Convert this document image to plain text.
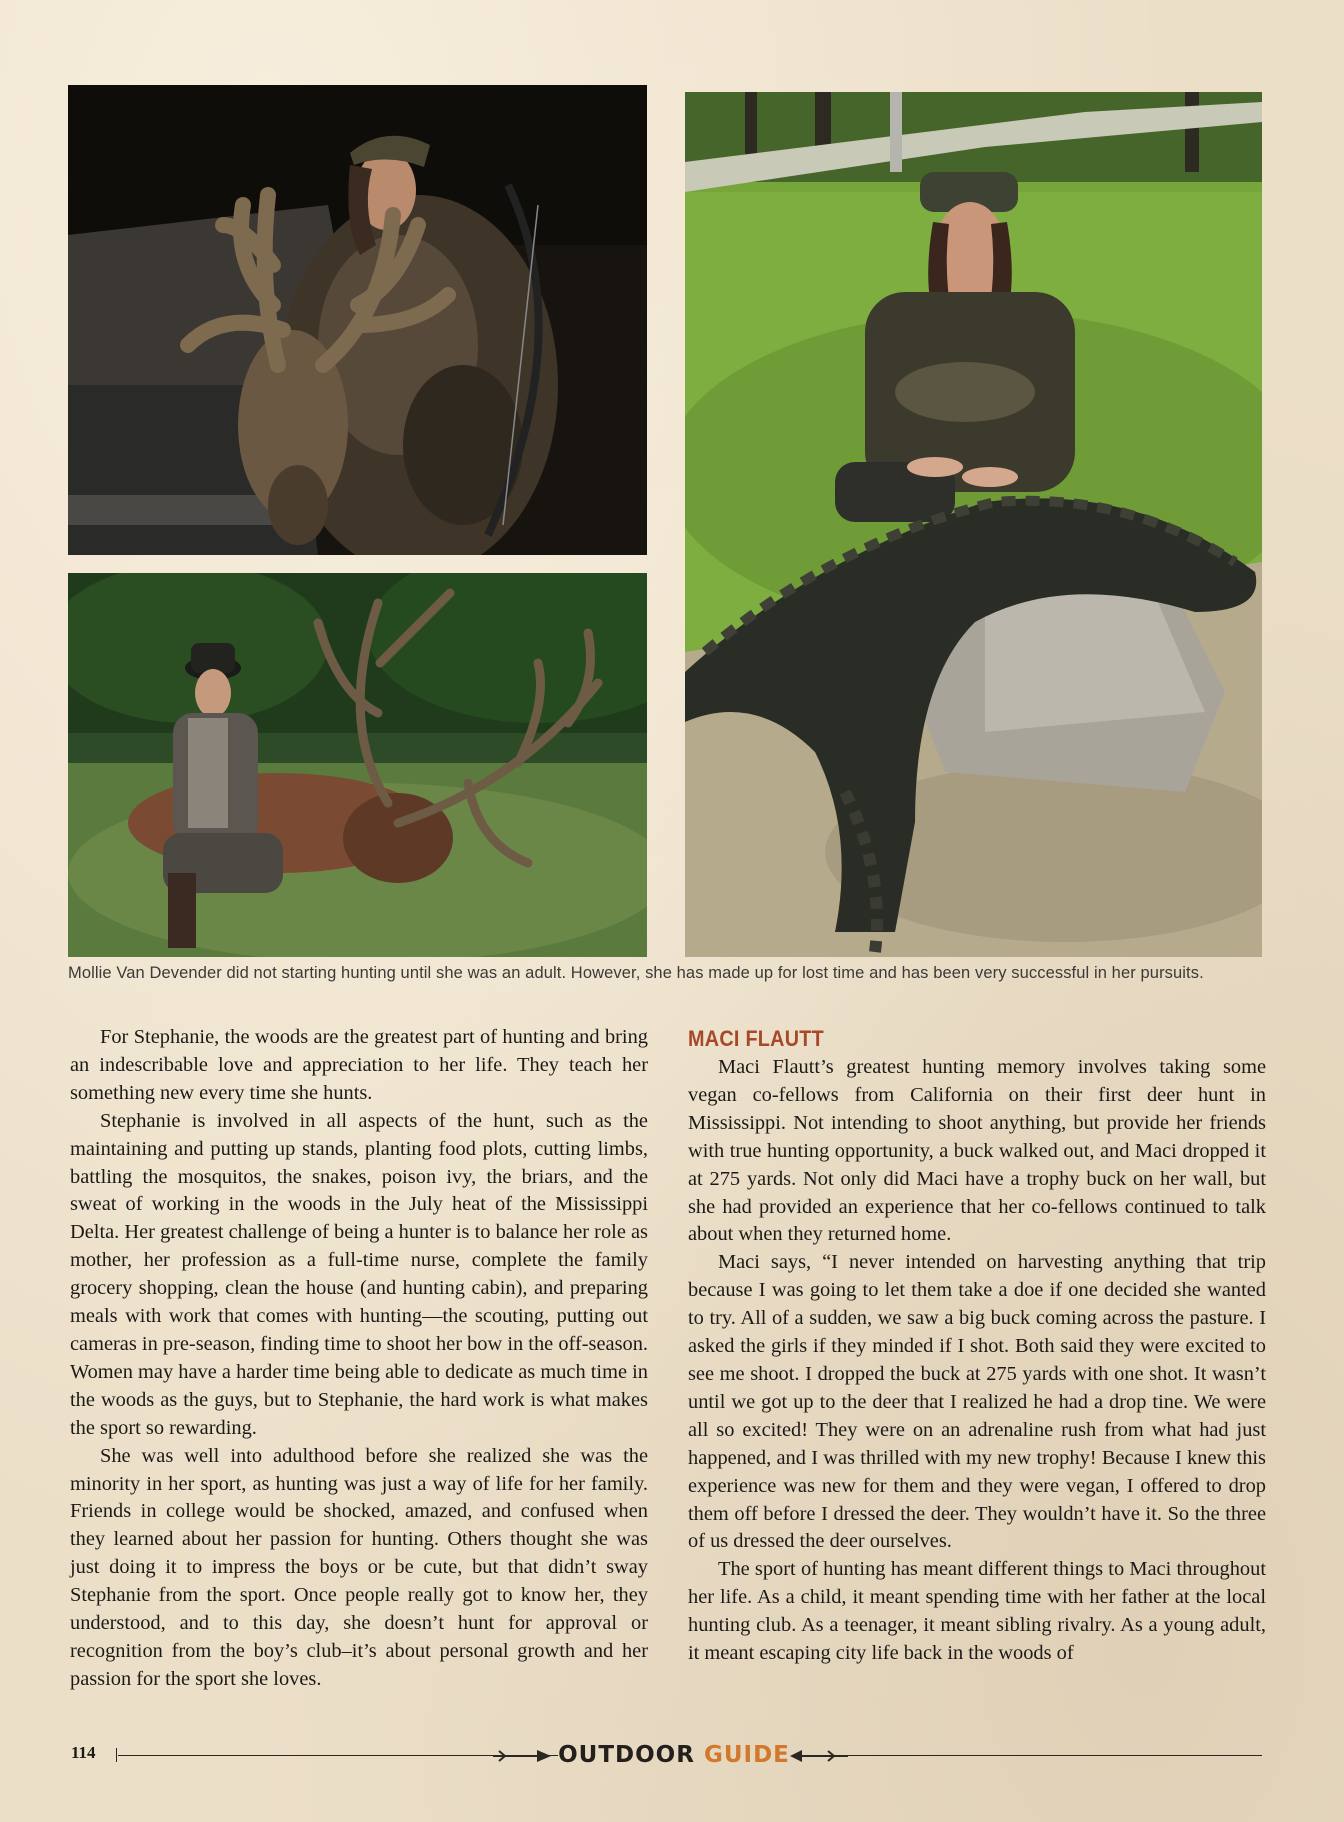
Mollie Van Devender did not starting hunting until she was an adult. However, she has made up for lost time and has been very successful in her pursuits.

For Stephanie, the woods are the greatest part of hunting and bring an indescribable love and appreciation to her life. They teach her something new every time she hunts.

Stephanie is involved in all aspects of the hunt, such as the maintaining and putting up stands, planting food plots, cutting limbs, battling the mosquitos, the snakes, poison ivy, the briars, and the sweat of working in the woods in the July heat of the Mississippi Delta. Her greatest challenge of being a hunter is to balance her role as mother, her profession as a full-time nurse, complete the family grocery shopping, clean the house (and hunting cabin), and preparing meals with work that comes with hunting—the scouting, putting out cameras in pre-season, finding time to shoot her bow in the off-season. Women may have a harder time being able to dedicate as much time in the woods as the guys, but to Stephanie, the hard work is what makes the sport so rewarding.

She was well into adulthood before she realized she was the minority in her sport, as hunting was just a way of life for her family. Friends in college would be shocked, amazed, and confused when they learned about her passion for hunting. Others thought she was just doing it to impress the boys or be cute, but that didn’t sway Stephanie from the sport. Once people really got to know her, they understood, and to this day, she doesn’t hunt for approval or recognition from the boy’s club–it’s about personal growth and her passion for the sport she loves.

MACI FLAUTT

Maci Flautt’s greatest hunting memory involves taking some vegan co-fellows from California on their first deer hunt in Mississippi. Not intending to shoot anything, but provide her friends with true hunting opportunity, a buck walked out, and Maci dropped it at 275 yards. Not only did Maci have a trophy buck on her wall, but she had provided an experience that her co-fellows continued to talk about when they returned home.

Maci says, “I never intended on harvesting anything that trip because I was going to let them take a doe if one decided she wanted to try. All of a sudden, we saw a big buck coming across the pasture. I asked the girls if they minded if I shot. Both said they were excited to see me shoot. I dropped the buck at 275 yards with one shot. It wasn’t until we got up to the deer that I realized he had a drop tine. We were all so excited! They were on an adrenaline rush from what had just happened, and I was thrilled with my new trophy! Because I knew this experience was new for them and they were vegan, I offered to drop them off before I dressed the deer. They wouldn’t have it. So the three of us dressed the deer ourselves.

The sport of hunting has meant different things to Maci throughout her life. As a child, it meant spending time with her father at the local hunting club. As a teenager, it meant sibling rivalry. As a young adult, it meant escaping city life back in the woods of

114	OUTDOOR GUIDE
